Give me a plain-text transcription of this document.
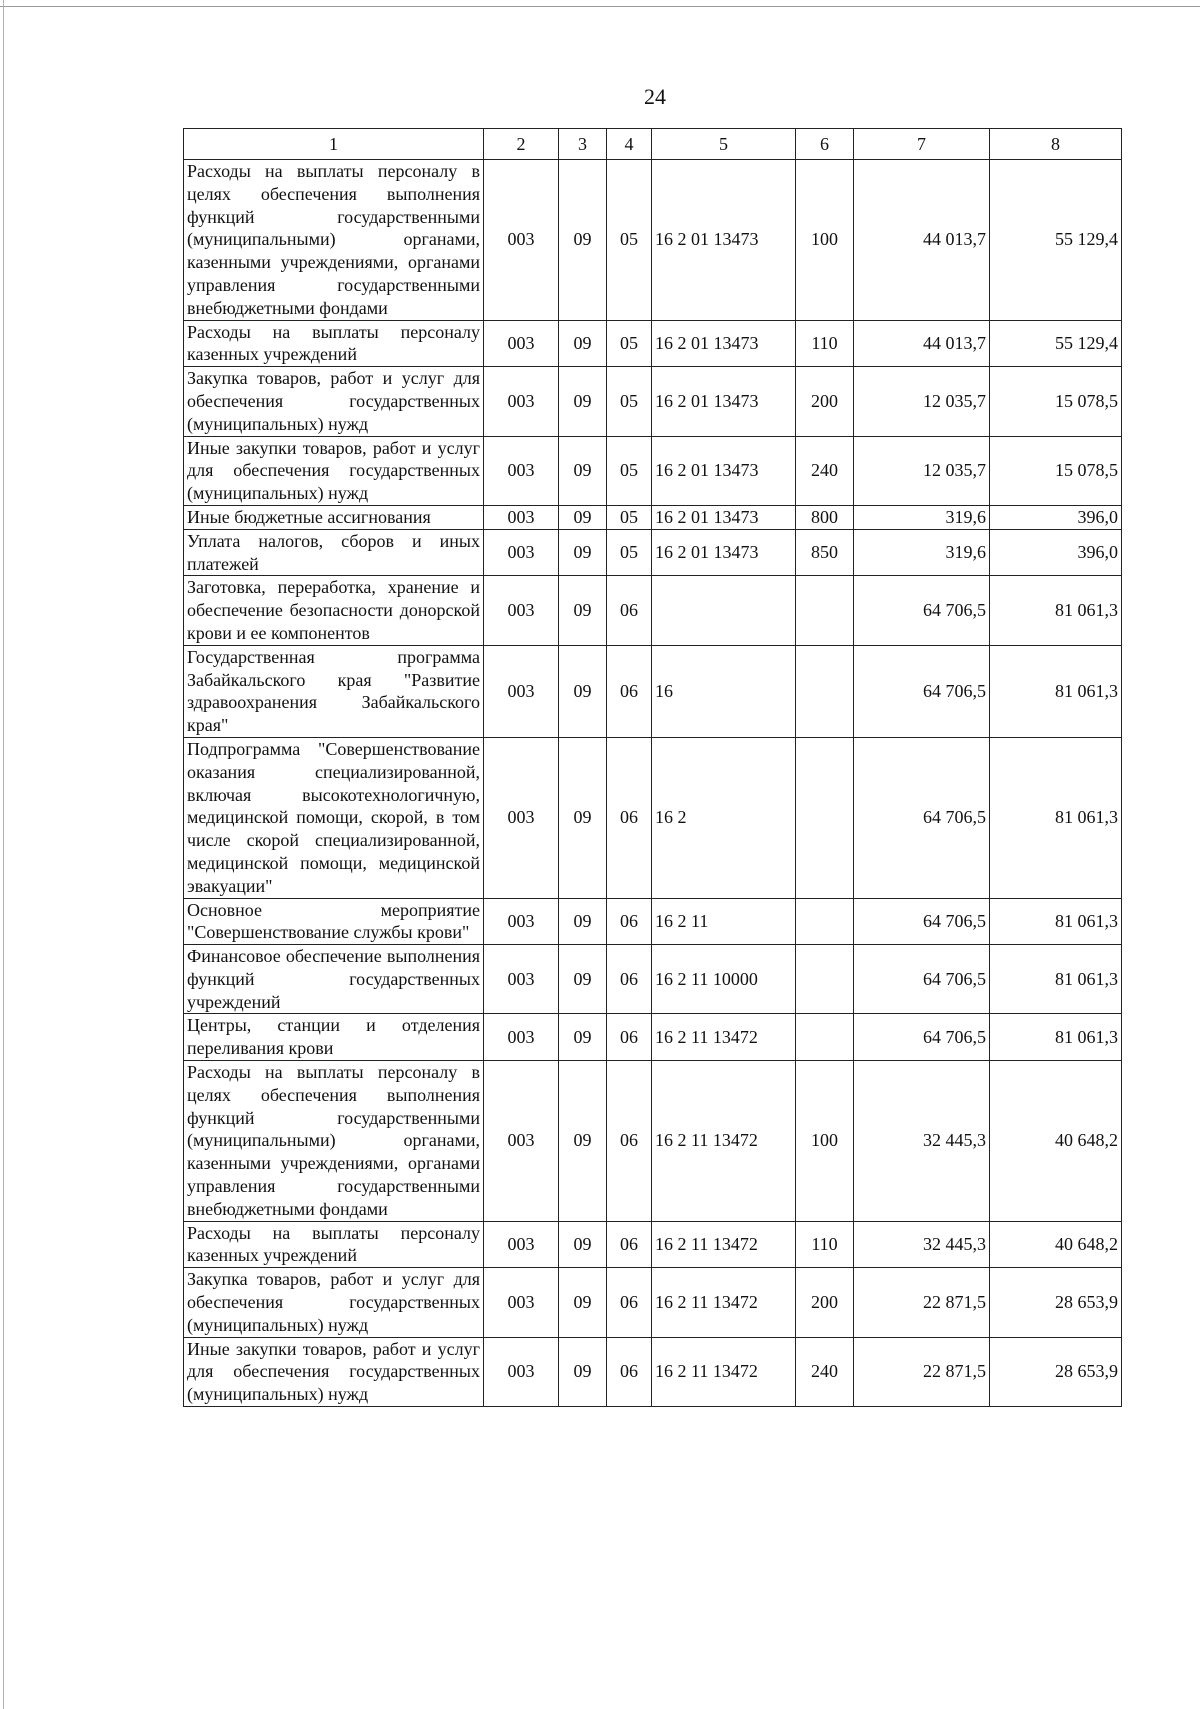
24
1	2	3	4	5	6	7	8
Расходы на выплаты персоналу в целях обеспечения выполнения функций государственными (муниципальными) органами, казенными учреждениями, органами управления государственными внебюджетными фондами	003	09	05	16 2 01 13473	100	44 013,7	55 129,4
Расходы на выплаты персоналу казенных учреждений	003	09	05	16 2 01 13473	110	44 013,7	55 129,4
Закупка товаров, работ и услуг для обеспечения государственных (муниципальных) нужд	003	09	05	16 2 01 13473	200	12 035,7	15 078,5
Иные закупки товаров, работ и услуг для обеспечения государственных (муниципальных) нужд	003	09	05	16 2 01 13473	240	12 035,7	15 078,5
Иные бюджетные ассигнования	003	09	05	16 2 01 13473	800	319,6	396,0
Уплата налогов, сборов и иных платежей	003	09	05	16 2 01 13473	850	319,6	396,0
Заготовка, переработка, хранение и обеспечение безопасности донорской крови и ее компонентов	003	09	06			64 706,5	81 061,3
Государственная программа Забайкальского края "Развитие здравоохранения Забайкальского края"	003	09	06	16		64 706,5	81 061,3
Подпрограмма "Совершенствование оказания специализированной, включая высокотехнологичную, медицинской помощи, скорой, в том числе скорой специализированной, медицинской помощи, медицинской эвакуации"	003	09	06	16 2		64 706,5	81 061,3
Основное мероприятие "Совершенствование службы крови"	003	09	06	16 2 11		64 706,5	81 061,3
Финансовое обеспечение выполнения функций государственных учреждений	003	09	06	16 2 11 10000		64 706,5	81 061,3
Центры, станции и отделения переливания крови	003	09	06	16 2 11 13472		64 706,5	81 061,3
Расходы на выплаты персоналу в целях обеспечения выполнения функций государственными (муниципальными) органами, казенными учреждениями, органами управления государственными внебюджетными фондами	003	09	06	16 2 11 13472	100	32 445,3	40 648,2
Расходы на выплаты персоналу казенных учреждений	003	09	06	16 2 11 13472	110	32 445,3	40 648,2
Закупка товаров, работ и услуг для обеспечения государственных (муниципальных) нужд	003	09	06	16 2 11 13472	200	22 871,5	28 653,9
Иные закупки товаров, работ и услуг для обеспечения государственных (муниципальных) нужд	003	09	06	16 2 11 13472	240	22 871,5	28 653,9
